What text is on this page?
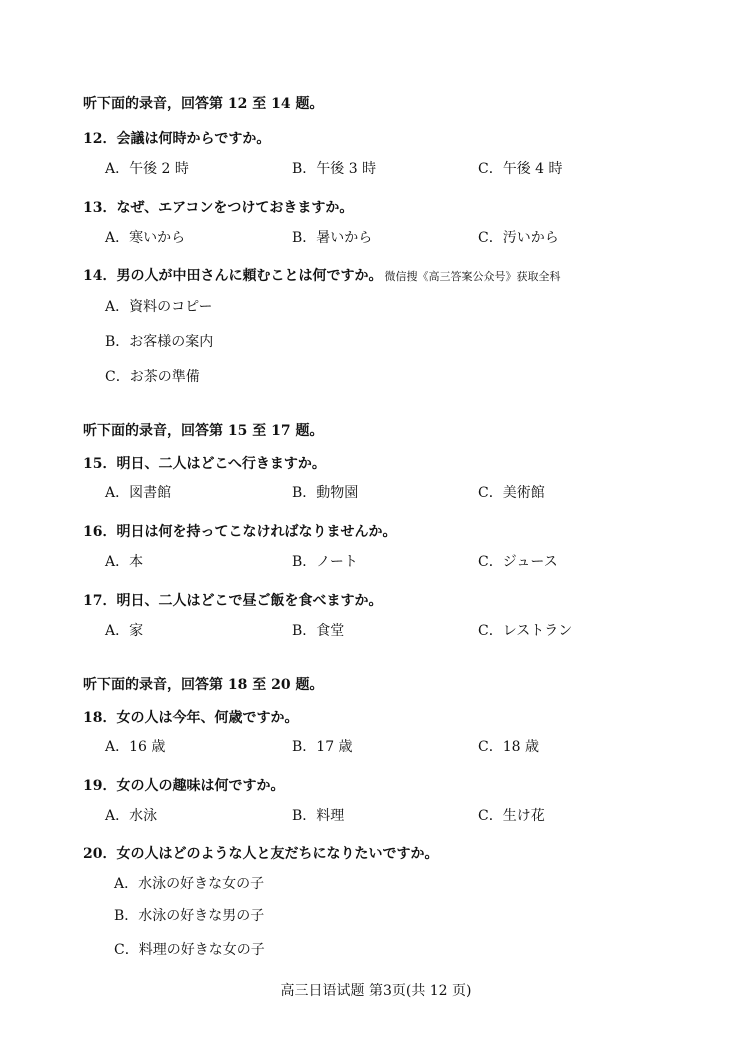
听下面的录音，回答第 12 至 14 题。
12．会議は何時からですか。
A．午後 2 時	B．午後 3 時	C．午後 4 時
13．なぜ、エアコンをつけておきますか。
A．寒いから	B．暑いから	C．汚いから
14．男の人が中田さんに頼むことは何ですか。 微信搜《高三答案公众号》获取全科
A．資料のコピー
B．お客様の案内
C．お茶の準備
听下面的录音，回答第 15 至 17 题。
15．明日、二人はどこへ行きますか。
A．図書館	B．動物園	C．美術館
16．明日は何を持ってこなければなりませんか。
A．本	B．ノート	C．ジュース
17．明日、二人はどこで昼ご飯を食べますか。
A．家	B．食堂	C．レストラン
听下面的录音，回答第 18 至 20 题。
18．女の人は今年、何歳ですか。
A．16 歳	B．17 歳	C．18 歳
19．女の人の趣味は何ですか。
A．水泳	B．料理	C．生け花
20．女の人はどのような人と友だちになりたいですか。
A．水泳の好きな女の子
B．水泳の好きな男の子
C．料理の好きな女の子
高三日语试题 第3页(共 12 页)
